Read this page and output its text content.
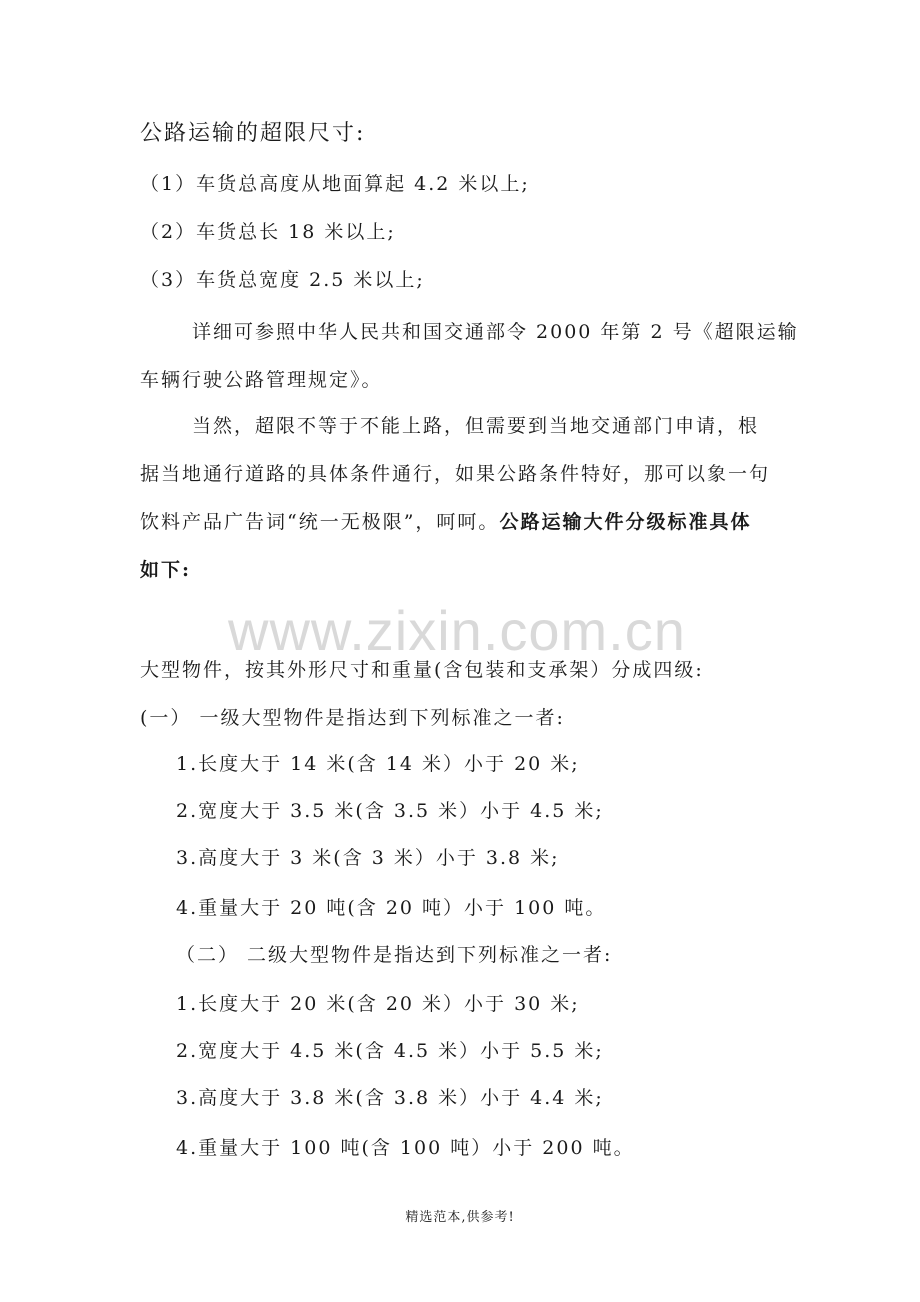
www.zixin.com.cn
公路运输的超限尺寸:
（1）车货总高度从地面算起 4.2 米以上;
（2）车货总长 18 米以上;
（3）车货总宽度 2.5 米以上;
详细可参照中华人民共和国交通部令 2000 年第 2 号《超限运输
车辆行驶公路管理规定》。
当然，超限不等于不能上路，但需要到当地交通部门申请，根
据当地通行道路的具体条件通行，如果公路条件特好，那可以象一句
饮料产品广告词“统一无极限”，呵呵。公路运输大件分级标准具体
如下:
大型物件，按其外形尺寸和重量(含包装和支承架）分成四级:
(一） 一级大型物件是指达到下列标准之一者:
1.长度大于 14 米(含 14 米）小于 20 米;
2.宽度大于 3.5 米(含 3.5 米）小于 4.5 米;
3.高度大于 3 米(含 3 米）小于 3.8 米;
4.重量大于 20 吨(含 20 吨）小于 100 吨。
（二） 二级大型物件是指达到下列标准之一者:
1.长度大于 20 米(含 20 米）小于 30 米;
2.宽度大于 4.5 米(含 4.5 米）小于 5.5 米;
3.高度大于 3.8 米(含 3.8 米）小于 4.4 米;
4.重量大于 100 吨(含 100 吨）小于 200 吨。
精选范本,供参考!
